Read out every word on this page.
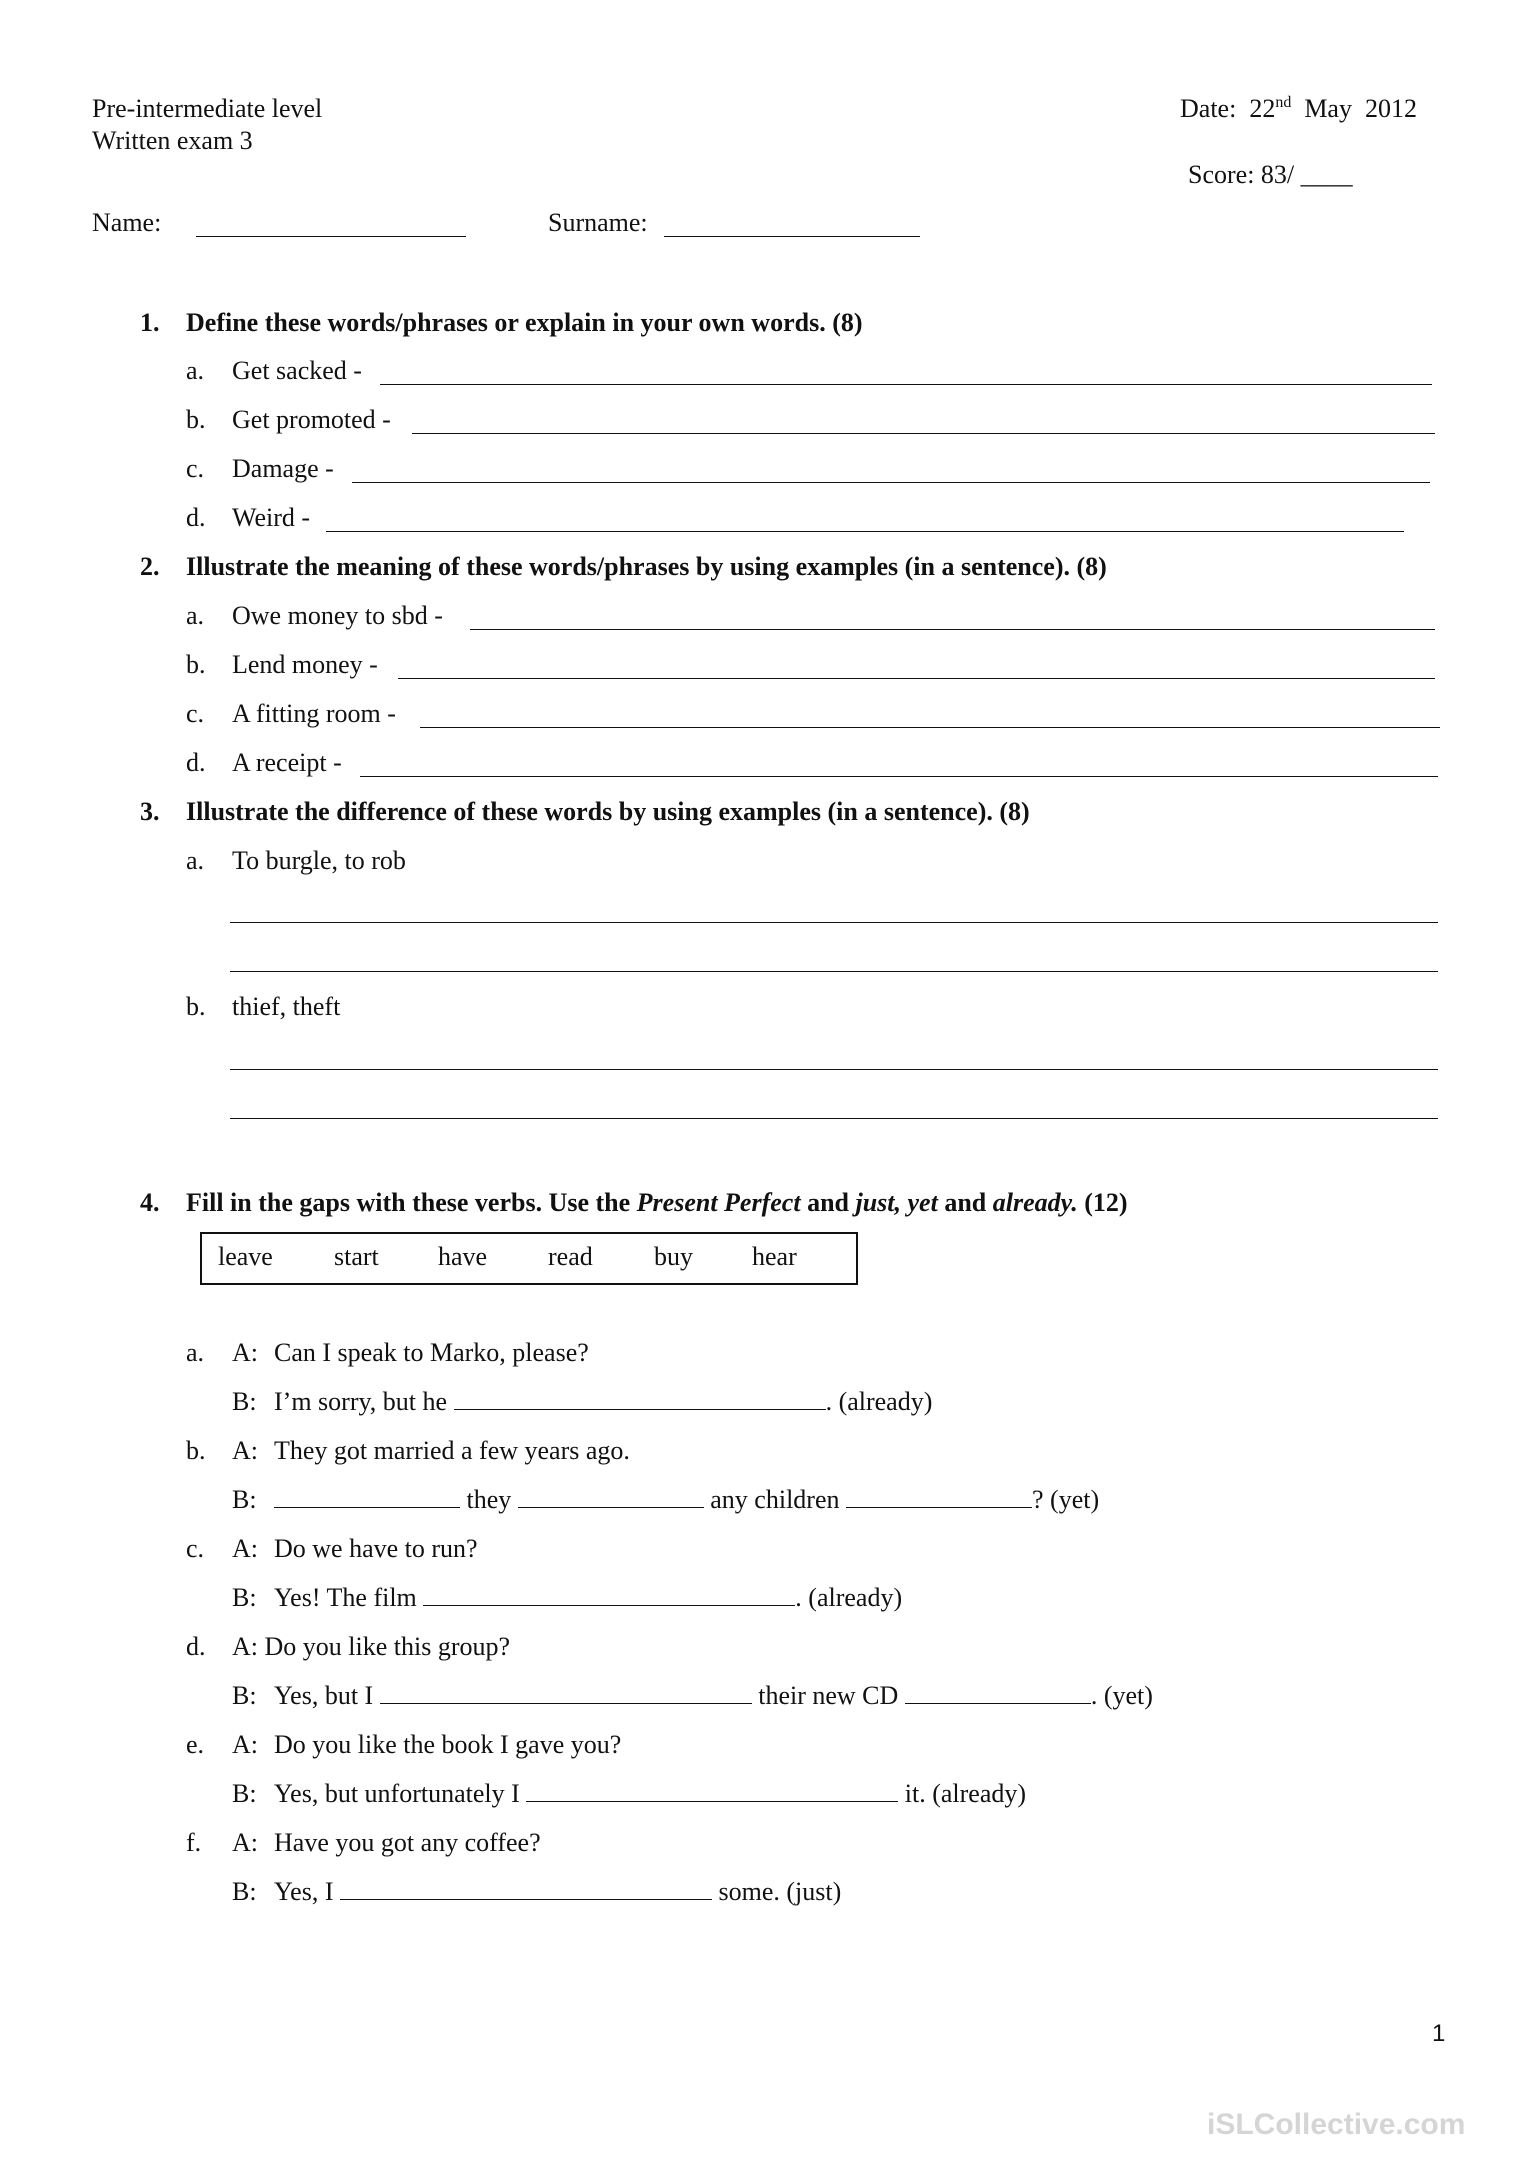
Pre-intermediate level
Written exam 3
Date: 22nd May 2012
Score: 83/ ____
Name:	Surname:
1. Define these words/phrases or explain in your own words. (8)
a. Get sacked -
b. Get promoted -
c. Damage -
d. Weird -
2. Illustrate the meaning of these words/phrases by using examples (in a sentence). (8)
a. Owe money to sbd -
b. Lend money -
c. A fitting room -
d. A receipt -
3. Illustrate the difference of these words by using examples (in a sentence). (8)
a. To burgle, to rob
b. thief, theft
4. Fill in the gaps with these verbs. Use the Present Perfect and just, yet and already. (12)
leave start have read buy hear
a. A: Can I speak to Marko, please?
B: I’m sorry, but he	. (already)
b. A: They got married a few years ago.
B:	they	any children	? (yet)
c. A: Do we have to run?
B: Yes! The film	. (already)
d. A: Do you like this group?
B: Yes, but I	their new CD	. (yet)
e. A: Do you like the book I gave you?
B: Yes, but unfortunately I	it. (already)
f. A: Have you got any coffee?
B: Yes, I	some. (just)
1
iSLCollective.com
